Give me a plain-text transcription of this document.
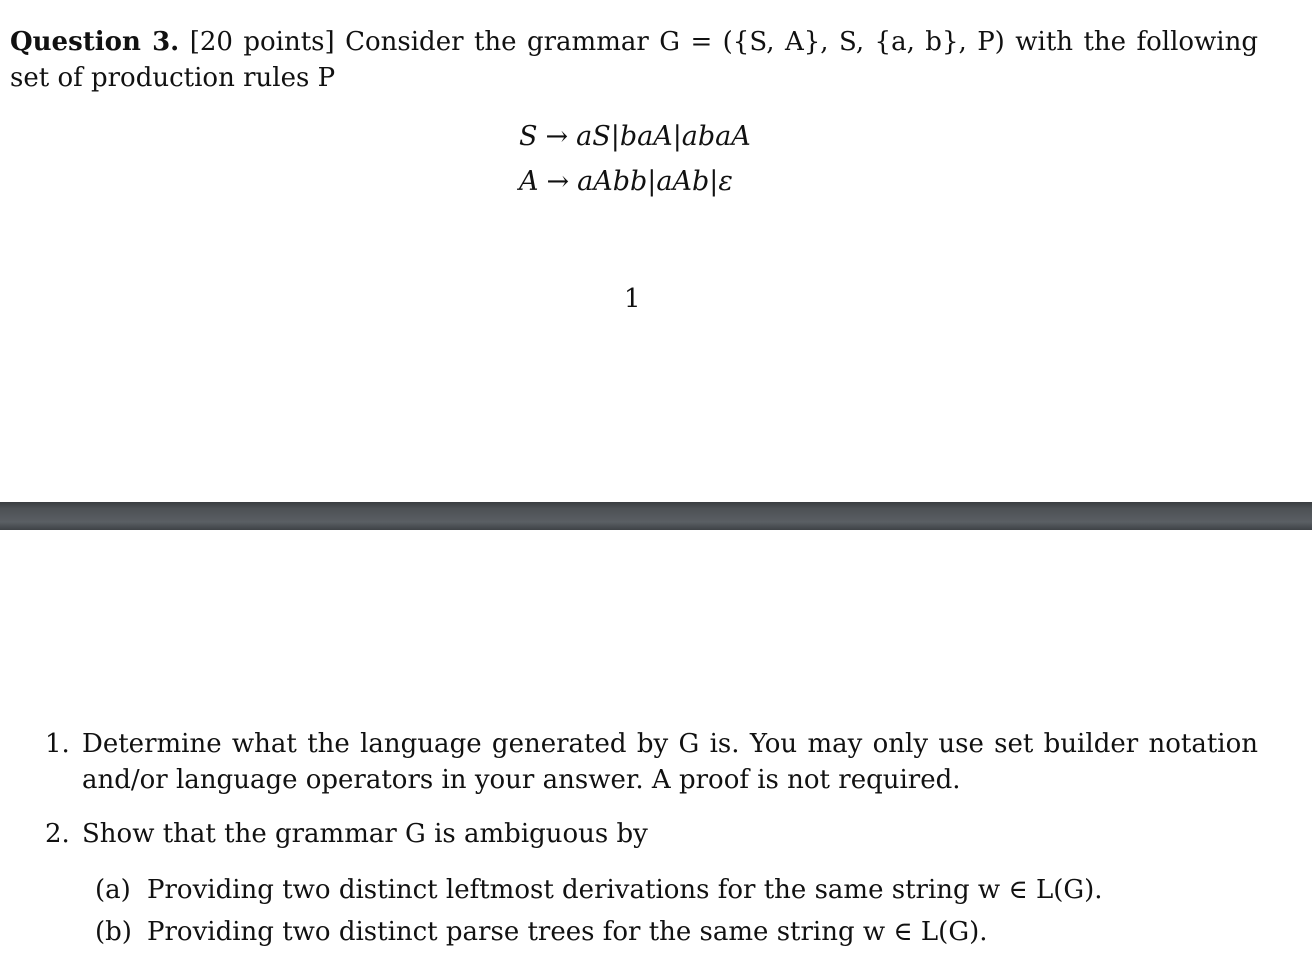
Question 3. [20 points] Consider the grammar G = ({S, A}, S, {a, b}, P) with the following set of production rules P
S → aS|baA|abaA
A → aAbb|aAb|ε
1
1. Determine what the language generated by G is. You may only use set builder notation and/or language operators in your answer. A proof is not required.
2. Show that the grammar G is ambiguous by
(a) Providing two distinct leftmost derivations for the same string w ∈ L(G).
(b) Providing two distinct parse trees for the same string w ∈ L(G).
